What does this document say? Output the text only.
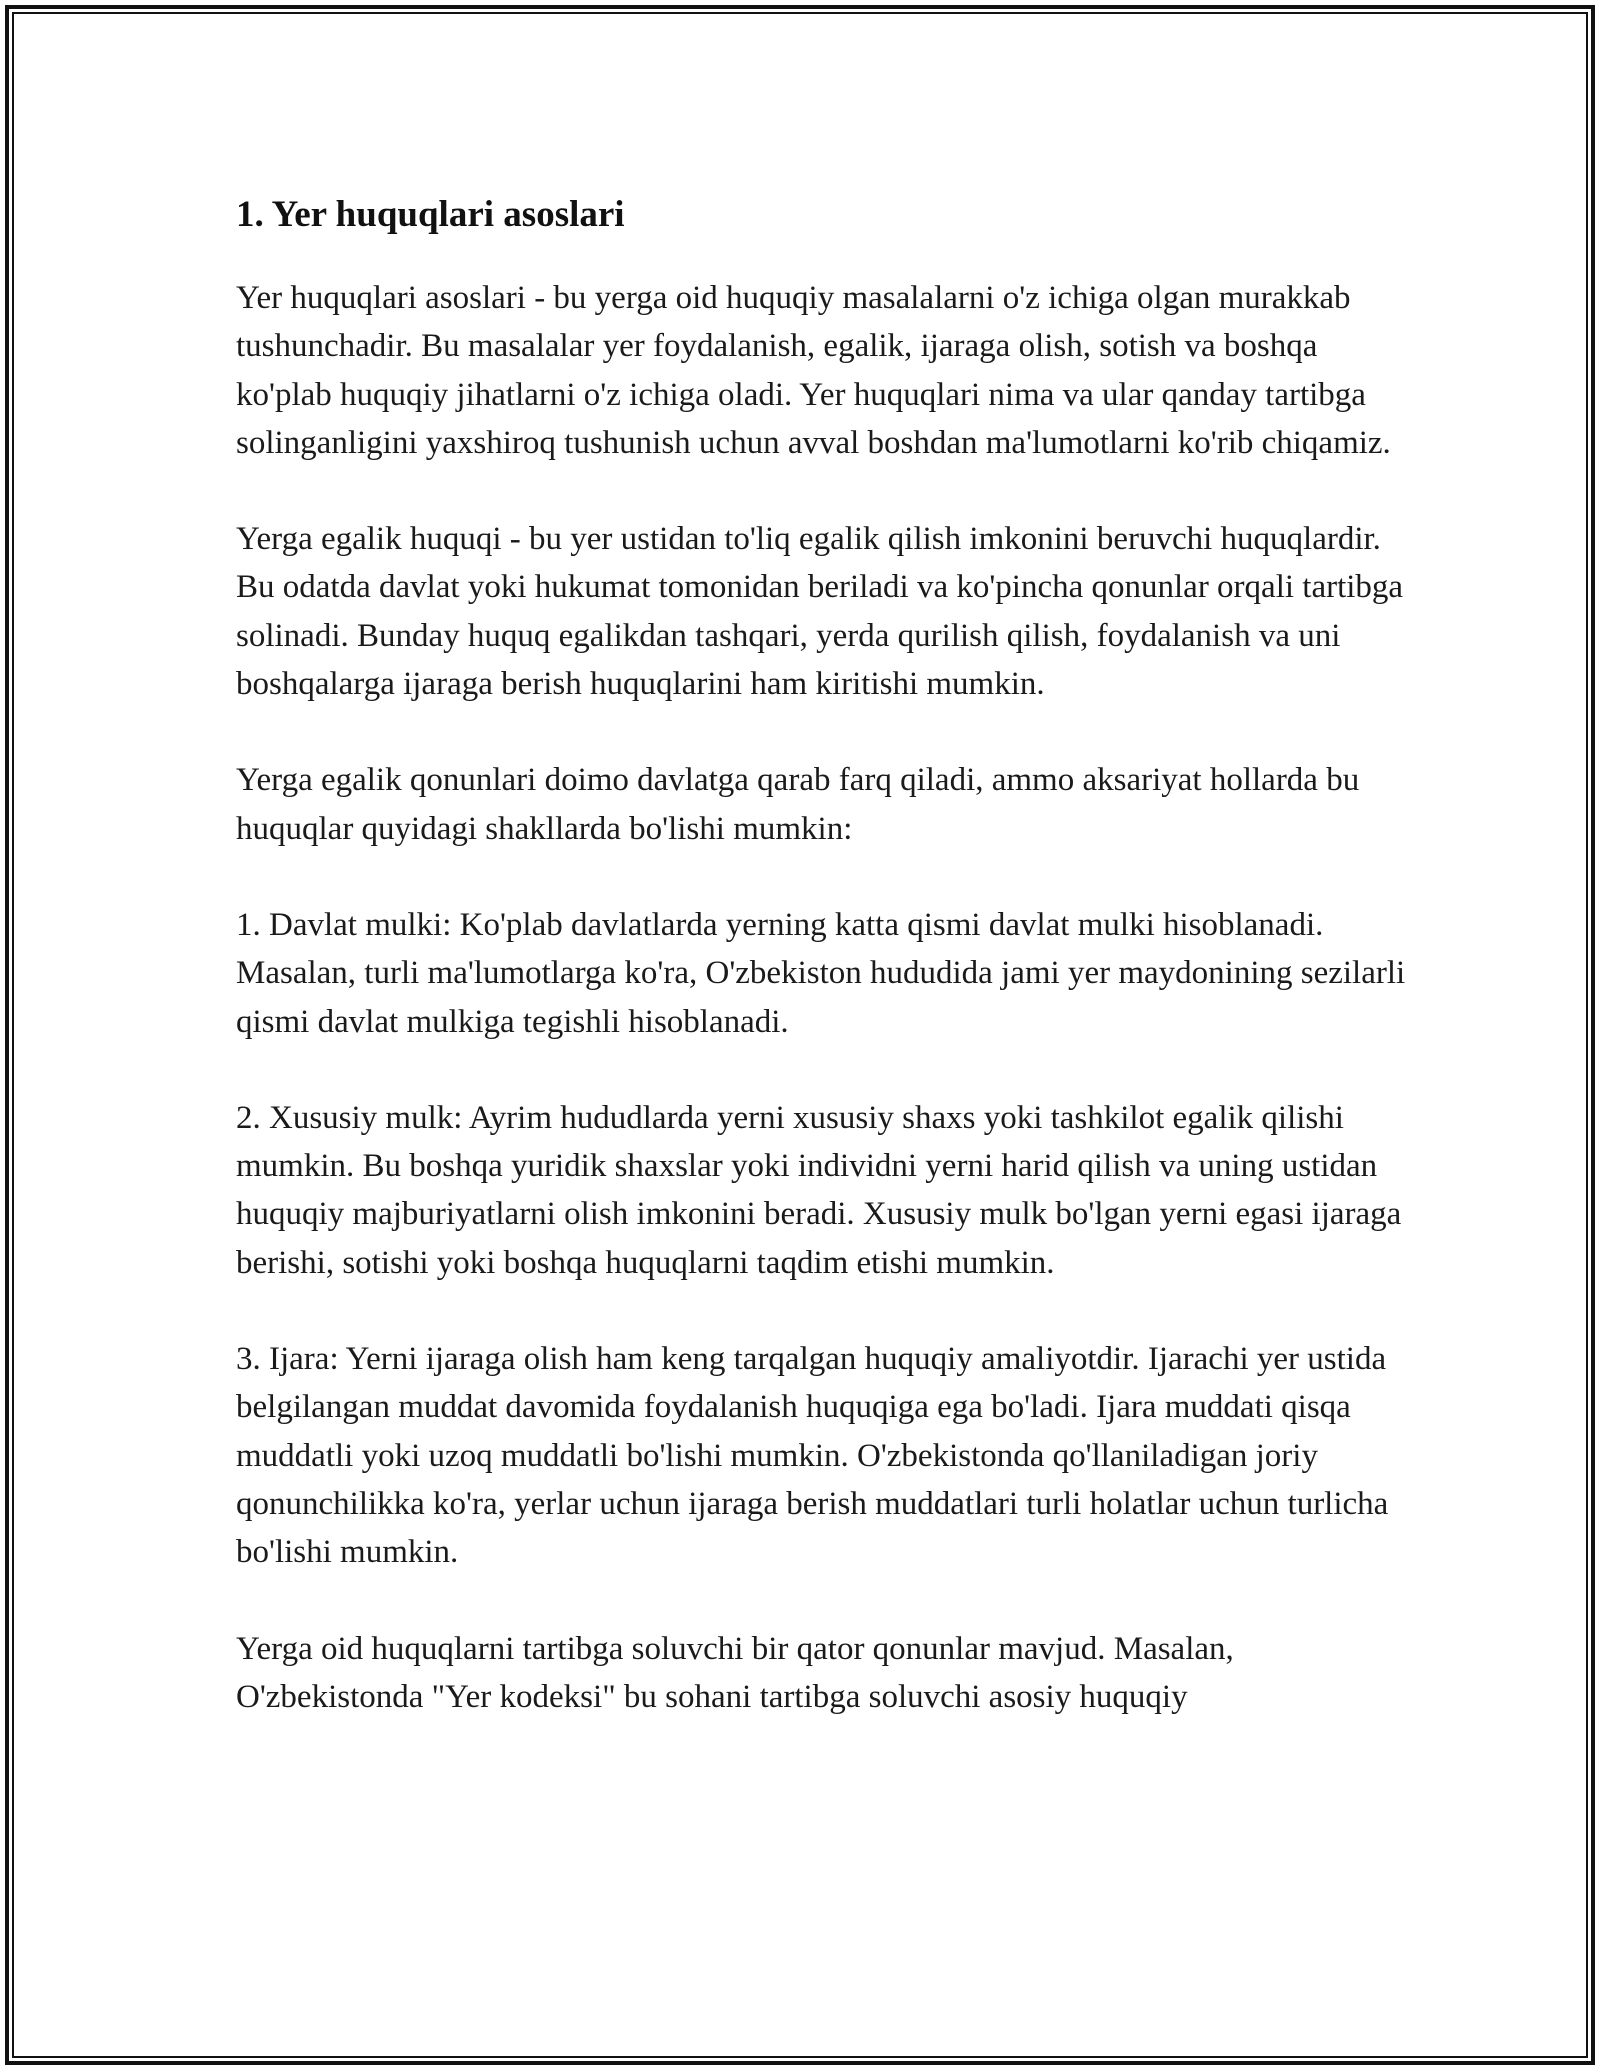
1. Yer huquqlari asoslari

Yer huquqlari asoslari - bu yerga oid huquqiy masalalarni o'z ichiga olgan murakkab tushunchadir. Bu masalalar yer foydalanish, egalik, ijaraga olish, sotish va boshqa ko'plab huquqiy jihatlarni o'z ichiga oladi. Yer huquqlari nima va ular qanday tartibga solinganligini yaxshiroq tushunish uchun avval boshdan ma'lumotlarni ko'rib chiqamiz.

Yerga egalik huquqi - bu yer ustidan to'liq egalik qilish imkonini beruvchi huquqlardir. Bu odatda davlat yoki hukumat tomonidan beriladi va ko'pincha qonunlar orqali tartibga solinadi. Bunday huquq egalikdan tashqari, yerda qurilish qilish, foydalanish va uni boshqalarga ijaraga berish huquqlarini ham kiritishi mumkin.

Yerga egalik qonunlari doimo davlatga qarab farq qiladi, ammo aksariyat hollarda bu huquqlar quyidagi shakllarda bo'lishi mumkin:

1. Davlat mulki: Ko'plab davlatlarda yerning katta qismi davlat mulki hisoblanadi. Masalan, turli ma'lumotlarga ko'ra, O'zbekiston hududida jami yer maydonining sezilarli qismi davlat mulkiga tegishli hisoblanadi.

2. Xususiy mulk: Ayrim hududlarda yerni xususiy shaxs yoki tashkilot egalik qilishi mumkin. Bu boshqa yuridik shaxslar yoki individni yerni harid qilish va uning ustidan huquqiy majburiyatlarni olish imkonini beradi. Xususiy mulk bo'lgan yerni egasi ijaraga berishi, sotishi yoki boshqa huquqlarni taqdim etishi mumkin.

3. Ijara: Yerni ijaraga olish ham keng tarqalgan huquqiy amaliyotdir. Ijarachi yer ustida belgilangan muddat davomida foydalanish huquqiga ega bo'ladi. Ijara muddati qisqa muddatli yoki uzoq muddatli bo'lishi mumkin. O'zbekistonda qo'llaniladigan joriy qonunchilikka ko'ra, yerlar uchun ijaraga berish muddatlari turli holatlar uchun turlicha bo'lishi mumkin.

Yerga oid huquqlarni tartibga soluvchi bir qator qonunlar mavjud. Masalan, O'zbekistonda "Yer kodeksi" bu sohani tartibga soluvchi asosiy huquqiy
